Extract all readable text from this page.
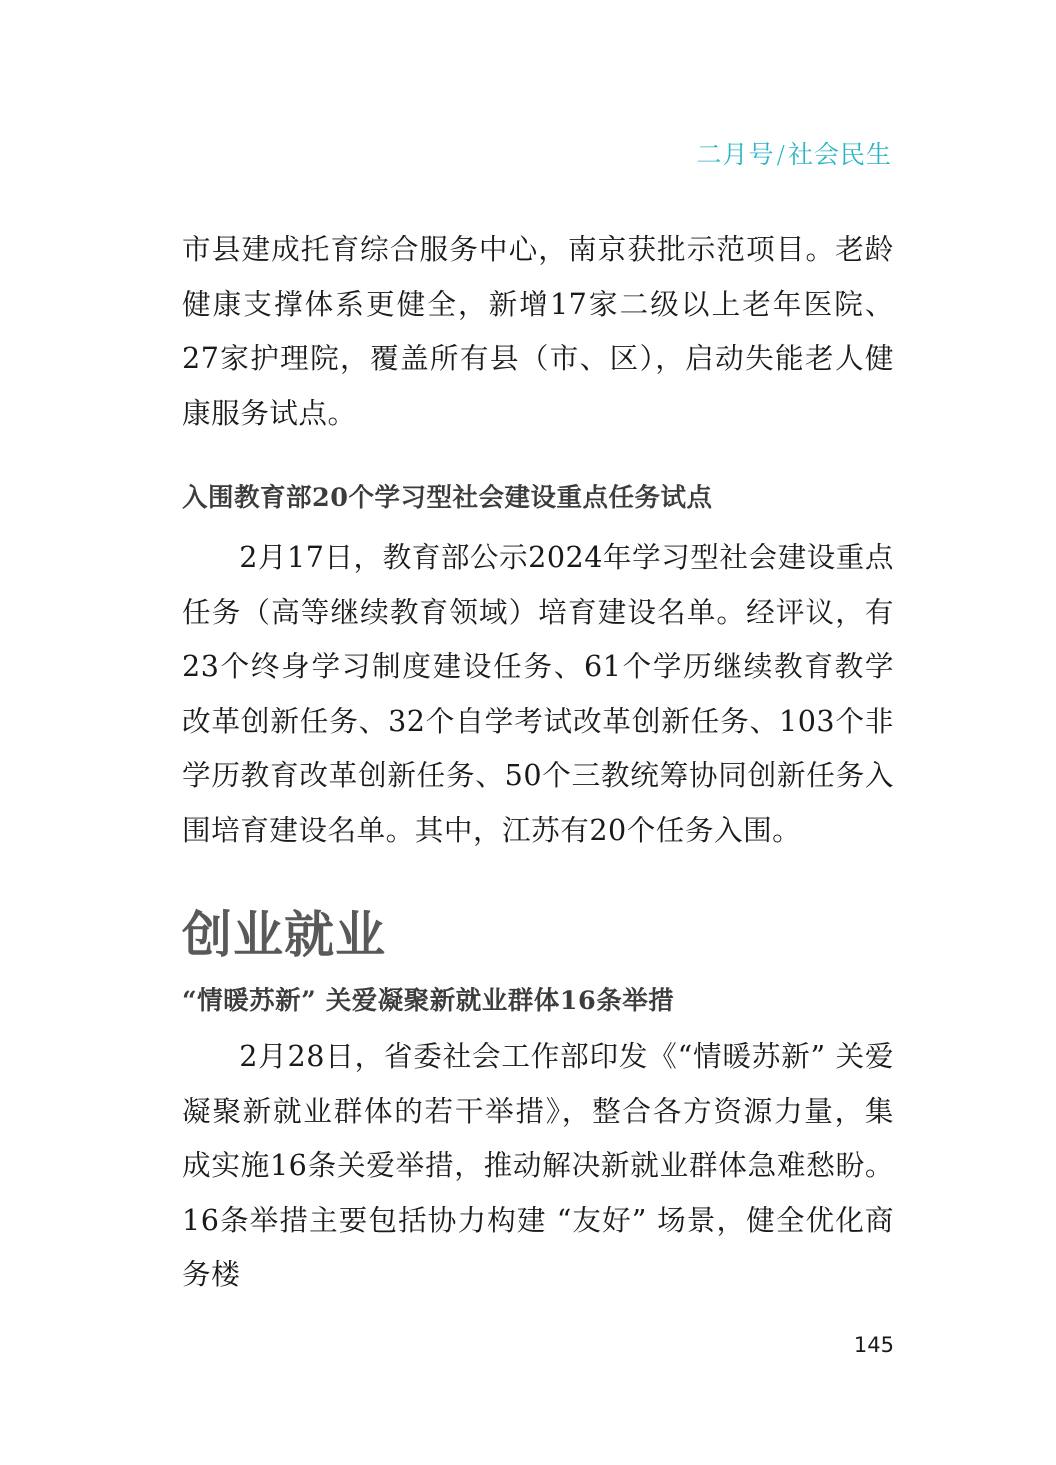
二月号/社会民生

市县建成托育综合服务中心，南京获批示范项目。老龄健康支撑体系更健全，新增17家二级以上老年医院、27家护理院，覆盖所有县（市、区），启动失能老人健康服务试点。

入围教育部20个学习型社会建设重点任务试点

2月17日，教育部公示2024年学习型社会建设重点任务（高等继续教育领域）培育建设名单。经评议，有23个终身学习制度建设任务、61个学历继续教育教学改革创新任务、32个自学考试改革创新任务、103个非学历教育改革创新任务、50个三教统筹协同创新任务入围培育建设名单。其中，江苏有20个任务入围。

创业就业
“情暖苏新” 关爱凝聚新就业群体16条举措

2月28日，省委社会工作部印发《“情暖苏新” 关爱凝聚新就业群体的若干举措》，整合各方资源力量，集成实施16条关爱举措，推动解决新就业群体急难愁盼。16条举措主要包括协力构建 “友好” 场景，健全优化商务楼

145
